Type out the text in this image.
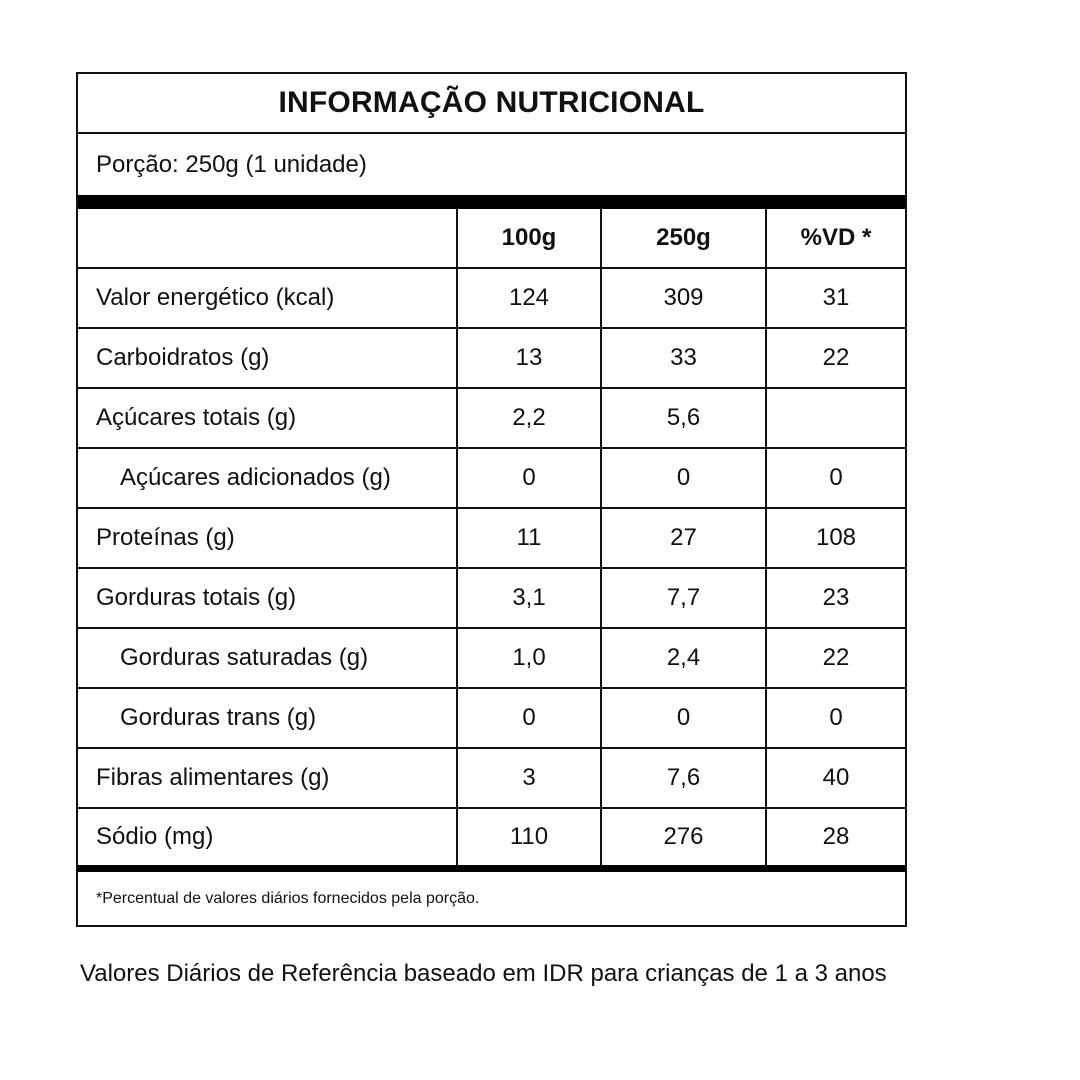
INFORMAÇÃO NUTRICIONAL
Porção: 250g (1 unidade)
	100g	250g	%VD *
Valor energético (kcal)	124	309	31
Carboidratos (g)	13	33	22
Açúcares totais (g)	2,2	5,6	
Açúcares adicionados (g)	0	0	0
Proteínas (g)	11	27	108
Gorduras totais (g)	3,1	7,7	23
Gorduras saturadas (g)	1,0	2,4	22
Gorduras trans (g)	0	0	0
Fibras alimentares (g)	3	7,6	40
Sódio (mg)	110	276	28
*Percentual de valores diários fornecidos pela porção.
Valores Diários de Referência baseado em IDR para crianças de 1 a 3 anos
